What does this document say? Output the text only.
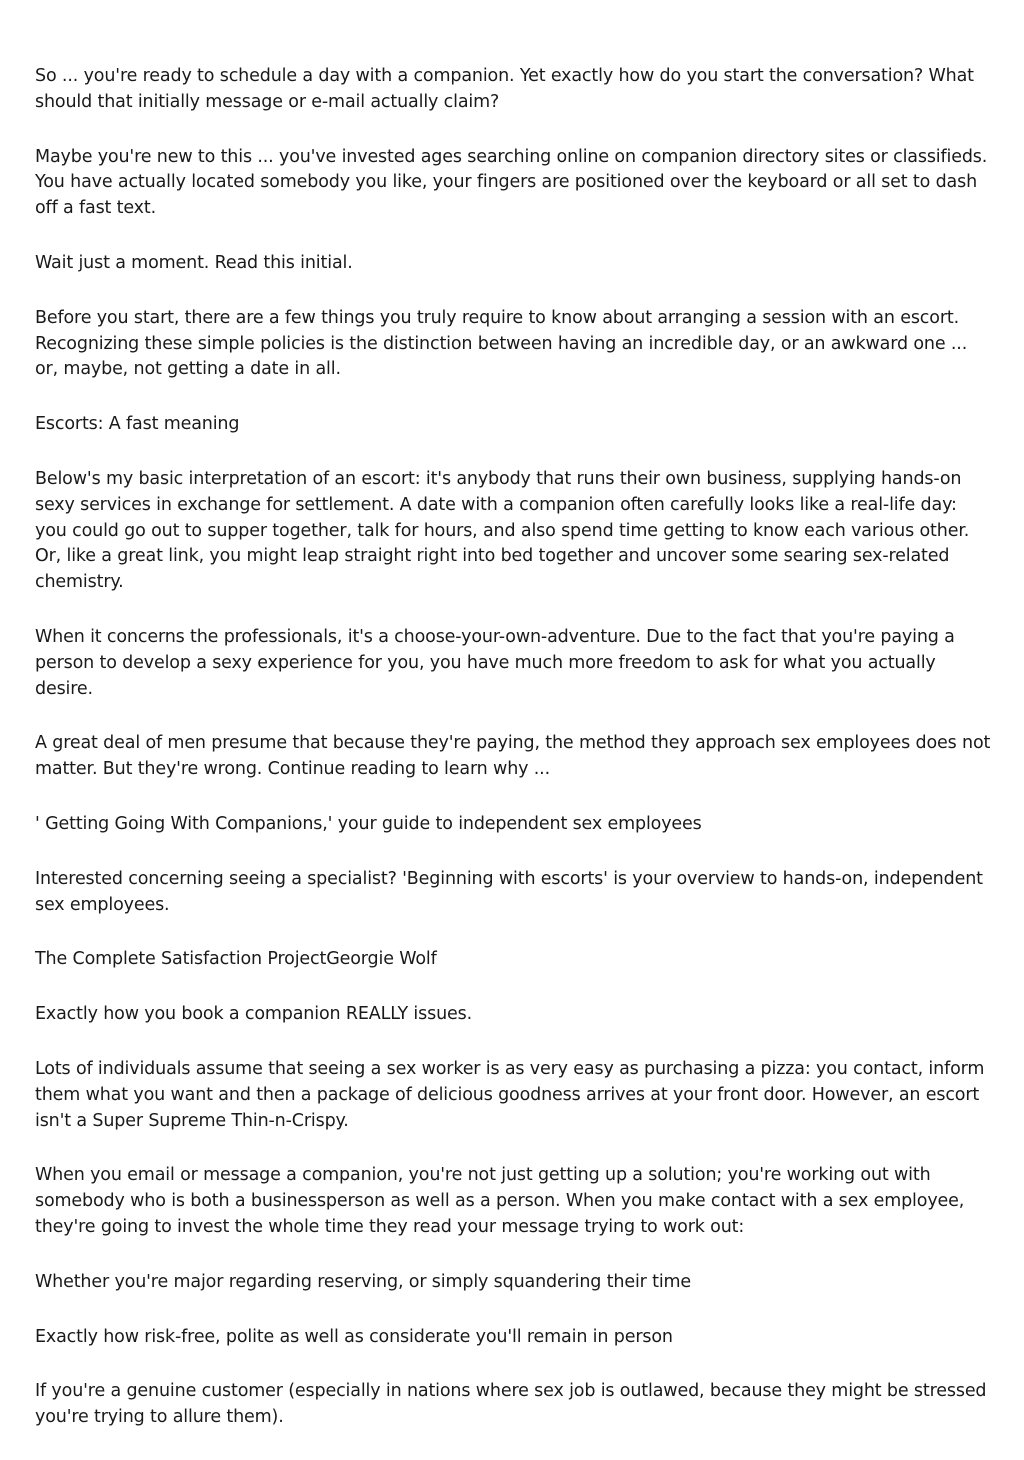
So ... you're ready to schedule a day with a companion. Yet exactly how do you start the conversation? What should that initially message or e-mail actually claim?

Maybe you're new to this ... you've invested ages searching online on companion directory sites or classifieds. You have actually located somebody you like, your fingers are positioned over the keyboard or all set to dash off a fast text.

Wait just a moment. Read this initial.

Before you start, there are a few things you truly require to know about arranging a session with an escort. Recognizing these simple policies is the distinction between having an incredible day, or an awkward one ... or, maybe, not getting a date in all.

Escorts: A fast meaning

Below's my basic interpretation of an escort: it's anybody that runs their own business, supplying hands-on sexy services in exchange for settlement. A date with a companion often carefully looks like a real-life day: you could go out to supper together, talk for hours, and also spend time getting to know each various other. Or, like a great link, you might leap straight right into bed together and uncover some searing sex-related chemistry.

When it concerns the professionals, it's a choose-your-own-adventure. Due to the fact that you're paying a person to develop a sexy experience for you, you have much more freedom to ask for what you actually desire.

A great deal of men presume that because they're paying, the method they approach sex employees does not matter. But they're wrong. Continue reading to learn why ...

' Getting Going With Companions,' your guide to independent sex employees

Interested concerning seeing a specialist? 'Beginning with escorts' is your overview to hands-on, independent sex employees.

The Complete Satisfaction ProjectGeorgie Wolf

Exactly how you book a companion REALLY issues.

Lots of individuals assume that seeing a sex worker is as very easy as purchasing a pizza: you contact, inform them what you want and then a package of delicious goodness arrives at your front door. However, an escort isn't a Super Supreme Thin-n-Crispy.

When you email or message a companion, you're not just getting up a solution; you're working out with somebody who is both a businessperson as well as a person. When you make contact with a sex employee, they're going to invest the whole time they read your message trying to work out:

Whether you're major regarding reserving, or simply squandering their time

Exactly how risk-free, polite as well as considerate you'll remain in person

If you're a genuine customer (especially in nations where sex job is outlawed, because they might be stressed you're trying to allure them).
